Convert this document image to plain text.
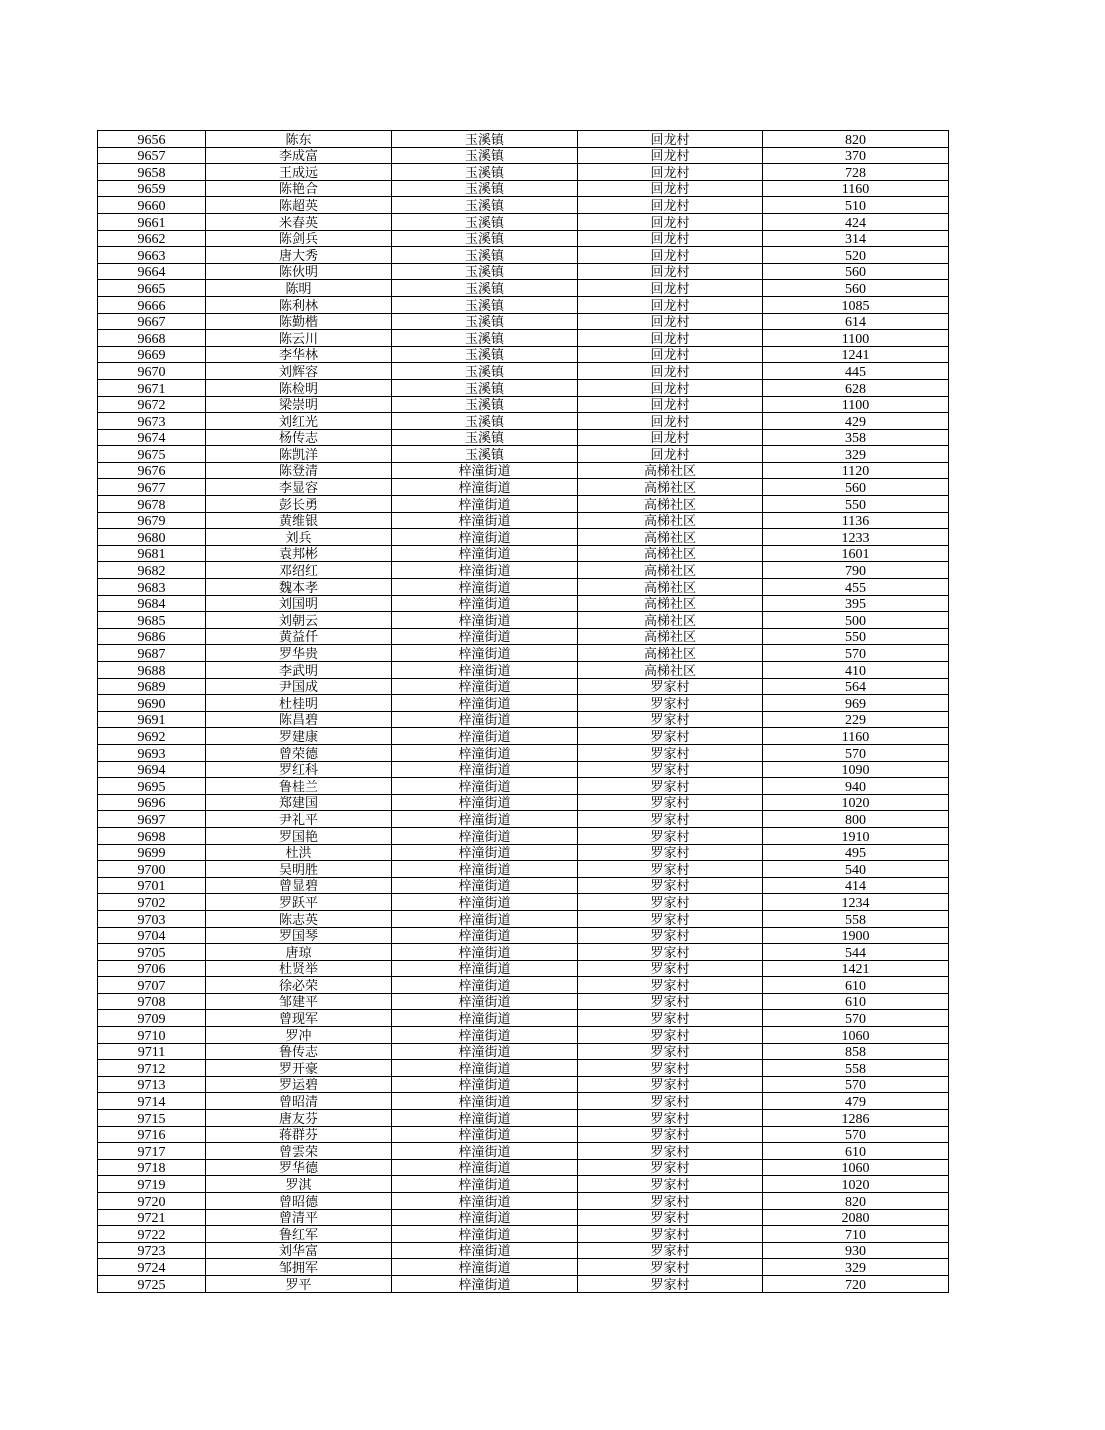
9656	陈东	玉溪镇	回龙村	820
9657	李成富	玉溪镇	回龙村	370
9658	王成远	玉溪镇	回龙村	728
9659	陈艳合	玉溪镇	回龙村	1160
9660	陈超英	玉溪镇	回龙村	510
9661	米春英	玉溪镇	回龙村	424
9662	陈剑兵	玉溪镇	回龙村	314
9663	唐大秀	玉溪镇	回龙村	520
9664	陈伙明	玉溪镇	回龙村	560
9665	陈明	玉溪镇	回龙村	560
9666	陈利林	玉溪镇	回龙村	1085
9667	陈勤楷	玉溪镇	回龙村	614
9668	陈云川	玉溪镇	回龙村	1100
9669	李华林	玉溪镇	回龙村	1241
9670	刘辉容	玉溪镇	回龙村	445
9671	陈检明	玉溪镇	回龙村	628
9672	梁崇明	玉溪镇	回龙村	1100
9673	刘红光	玉溪镇	回龙村	429
9674	杨传志	玉溪镇	回龙村	358
9675	陈凯洋	玉溪镇	回龙村	329
9676	陈登清	梓潼街道	高梯社区	1120
9677	李显容	梓潼街道	高梯社区	560
9678	彭长勇	梓潼街道	高梯社区	550
9679	黄维银	梓潼街道	高梯社区	1136
9680	刘兵	梓潼街道	高梯社区	1233
9681	袁邦彬	梓潼街道	高梯社区	1601
9682	邓绍红	梓潼街道	高梯社区	790
9683	魏本孝	梓潼街道	高梯社区	455
9684	刘国明	梓潼街道	高梯社区	395
9685	刘朝云	梓潼街道	高梯社区	500
9686	黄益仟	梓潼街道	高梯社区	550
9687	罗华贵	梓潼街道	高梯社区	570
9688	李武明	梓潼街道	高梯社区	410
9689	尹国成	梓潼街道	罗家村	564
9690	杜桂明	梓潼街道	罗家村	969
9691	陈昌碧	梓潼街道	罗家村	229
9692	罗建康	梓潼街道	罗家村	1160
9693	曾荣德	梓潼街道	罗家村	570
9694	罗红科	梓潼街道	罗家村	1090
9695	鲁桂兰	梓潼街道	罗家村	940
9696	郑建国	梓潼街道	罗家村	1020
9697	尹礼平	梓潼街道	罗家村	800
9698	罗国艳	梓潼街道	罗家村	1910
9699	杜洪	梓潼街道	罗家村	495
9700	吴明胜	梓潼街道	罗家村	540
9701	曾显碧	梓潼街道	罗家村	414
9702	罗跃平	梓潼街道	罗家村	1234
9703	陈志英	梓潼街道	罗家村	558
9704	罗国琴	梓潼街道	罗家村	1900
9705	唐琼	梓潼街道	罗家村	544
9706	杜贤举	梓潼街道	罗家村	1421
9707	徐必荣	梓潼街道	罗家村	610
9708	邹建平	梓潼街道	罗家村	610
9709	曾现军	梓潼街道	罗家村	570
9710	罗冲	梓潼街道	罗家村	1060
9711	鲁传志	梓潼街道	罗家村	858
9712	罗开豪	梓潼街道	罗家村	558
9713	罗运碧	梓潼街道	罗家村	570
9714	曾昭清	梓潼街道	罗家村	479
9715	唐友芬	梓潼街道	罗家村	1286
9716	蒋群芬	梓潼街道	罗家村	570
9717	曾雲荣	梓潼街道	罗家村	610
9718	罗华德	梓潼街道	罗家村	1060
9719	罗淇	梓潼街道	罗家村	1020
9720	曾昭德	梓潼街道	罗家村	820
9721	曾清平	梓潼街道	罗家村	2080
9722	鲁红军	梓潼街道	罗家村	710
9723	刘华富	梓潼街道	罗家村	930
9724	邹拥军	梓潼街道	罗家村	329
9725	罗平	梓潼街道	罗家村	720
